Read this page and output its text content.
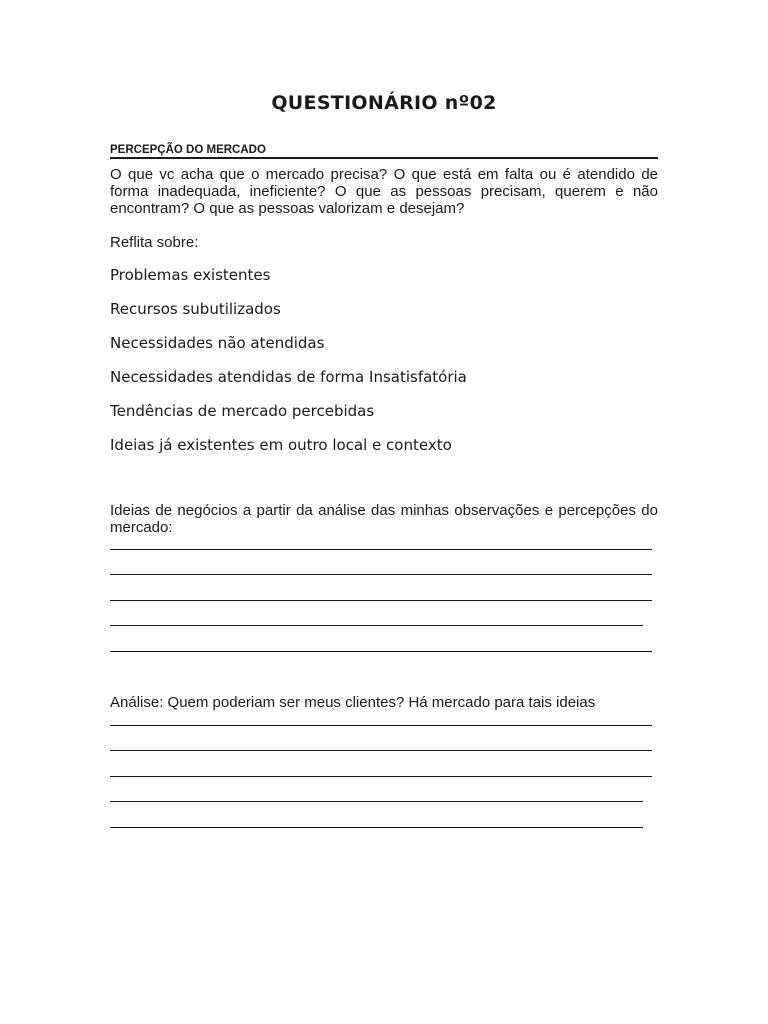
QUESTIONÁRIO nº02
PERCEPÇÃO DO MERCADO

O que vc acha que o mercado precisa? O que está em falta ou é atendido de forma inadequada, ineficiente? O que as pessoas precisam, querem e não encontram? O que as pessoas valorizam e desejam?

Reflita sobre:

Problemas existentes

Recursos subutilizados

Necessidades não atendidas

Necessidades atendidas de forma Insatisfatória

Tendências de mercado percebidas

Ideias já existentes em outro local e contexto

Ideias de negócios a partir da análise das minhas observações e percepções do mercado:

Análise: Quem poderiam ser meus clientes? Há mercado para tais ideias
